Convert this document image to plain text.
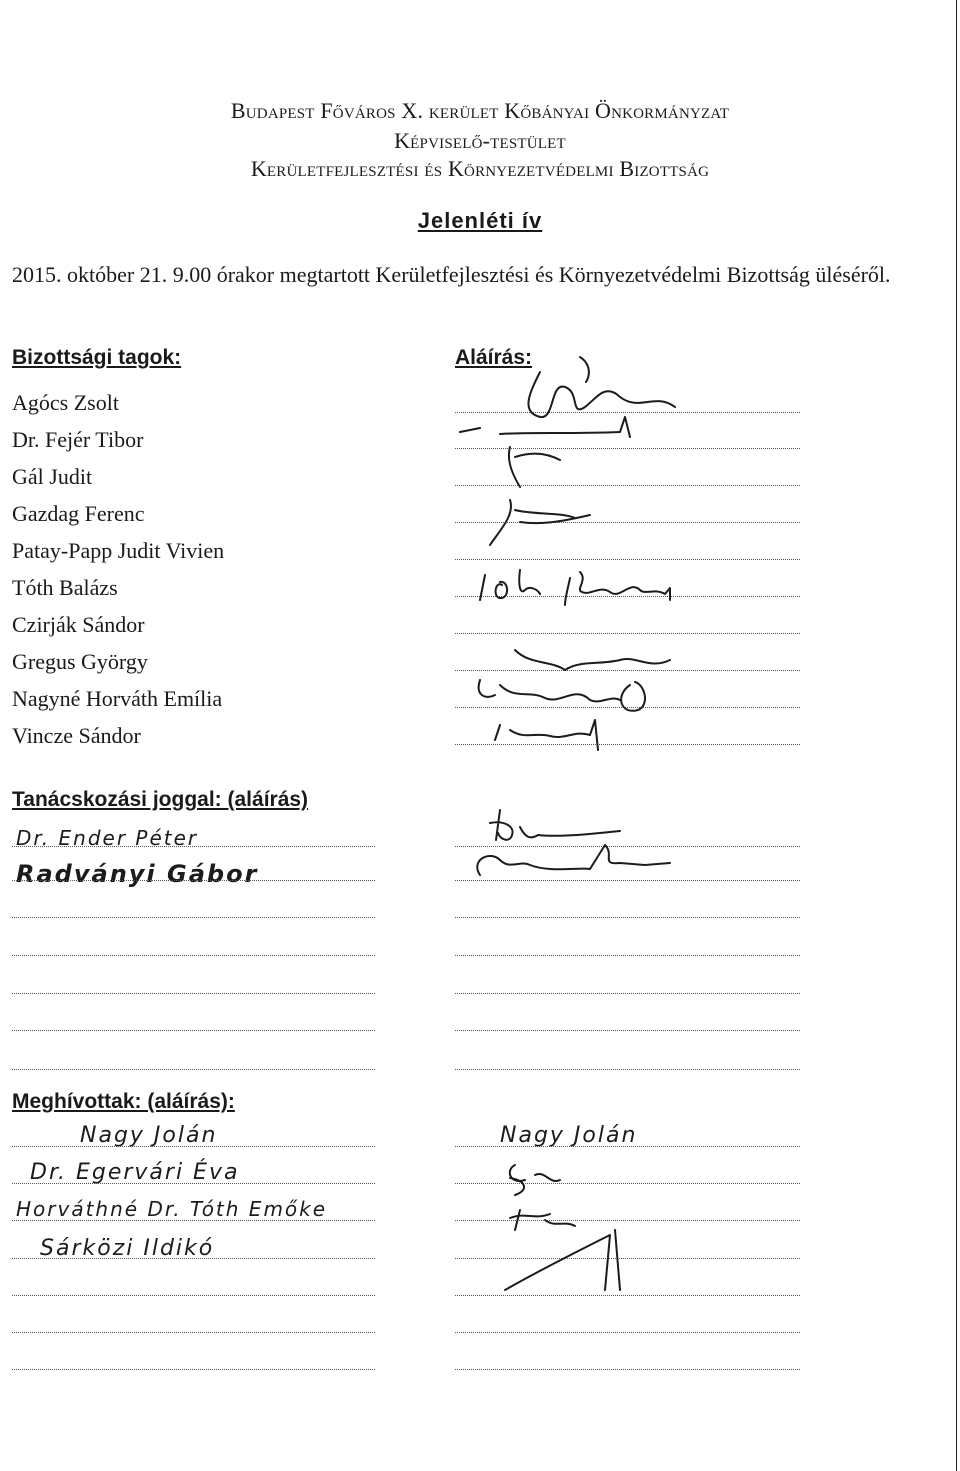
Budapest Főváros X. kerület Kőbányai Önkormányzat
Képviselő-testület
Kerületfejlesztési és Környezetvédelmi Bizottság
Jelenléti ív
2015. október 21. 9.00 órakor megtartott Kerületfejlesztési és Környezetvédelmi Bizottság üléséről.
Bizottsági tagok:	Aláírás:
Agócs Zsolt
Dr. Fejér Tibor
Gál Judit
Gazdag Ferenc
Patay-Papp Judit Vivien
Tóth Balázs
Czirják Sándor
Gregus György
Nagyné Horváth Emília
Vincze Sándor
Tanácskozási joggal: (aláírás)
Dr. Ender Péter
Radványi Gábor
Meghívottak: (aláírás):
Nagy Jolán
Dr. Egervári Éva
Horváthné Dr. Tóth Emőke
Sárközi Ildikó
Nagy Jolán
